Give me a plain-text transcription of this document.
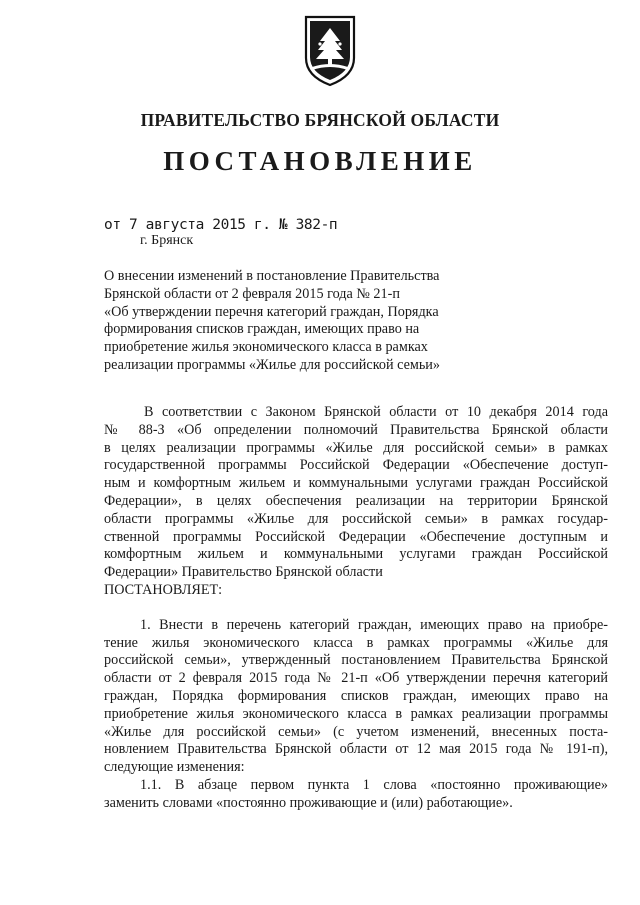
ПРАВИТЕЛЬСТВО БРЯНСКОЙ ОБЛАСТИ
ПОСТАНОВЛЕНИЕ
от 7 августа 2015 г. № 382-п
г. Брянск
О внесении изменений в постановление Правительства
Брянской области от 2 февраля 2015 года № 21-п
«Об утверждении перечня категорий граждан, Порядка
формирования списков граждан, имеющих право на
приобретение жилья экономического класса в рамках
реализации программы «Жилье для российской семьи»
В соответствии с Законом Брянской области от 10 декабря 2014 года
№ 88-З «Об определении полномочий Правительства Брянской области
в целях реализации программы «Жилье для российской семьи» в рамках
государственной программы Российской Федерации «Обеспечение доступ-
ным и комфортным жильем и коммунальными услугами граждан Российской
Федерации», в целях обеспечения реализации на территории Брянской
области программы «Жилье для российской семьи» в рамках государ-
ственной программы Российской Федерации «Обеспечение доступным и
комфортным жильем и коммунальными услугами граждан Российской
Федерации» Правительство Брянской области
ПОСТАНОВЛЯЕТ:
1. Внести в перечень категорий граждан, имеющих право на приобре-
тение жилья экономического класса в рамках программы «Жилье для
российской семьи», утвержденный постановлением Правительства Брянской
области от 2 февраля 2015 года № 21-п «Об утверждении перечня категорий
граждан, Порядка формирования списков граждан, имеющих право на
приобретение жилья экономического класса в рамках реализации программы
«Жилье для российской семьи» (с учетом изменений, внесенных поста-
новлением Правительства Брянской области от 12 мая 2015 года № 191-п),
следующие изменения:
1.1. В абзаце первом пункта 1 слова «постоянно проживающие»
заменить словами «постоянно проживающие и (или) работающие».
